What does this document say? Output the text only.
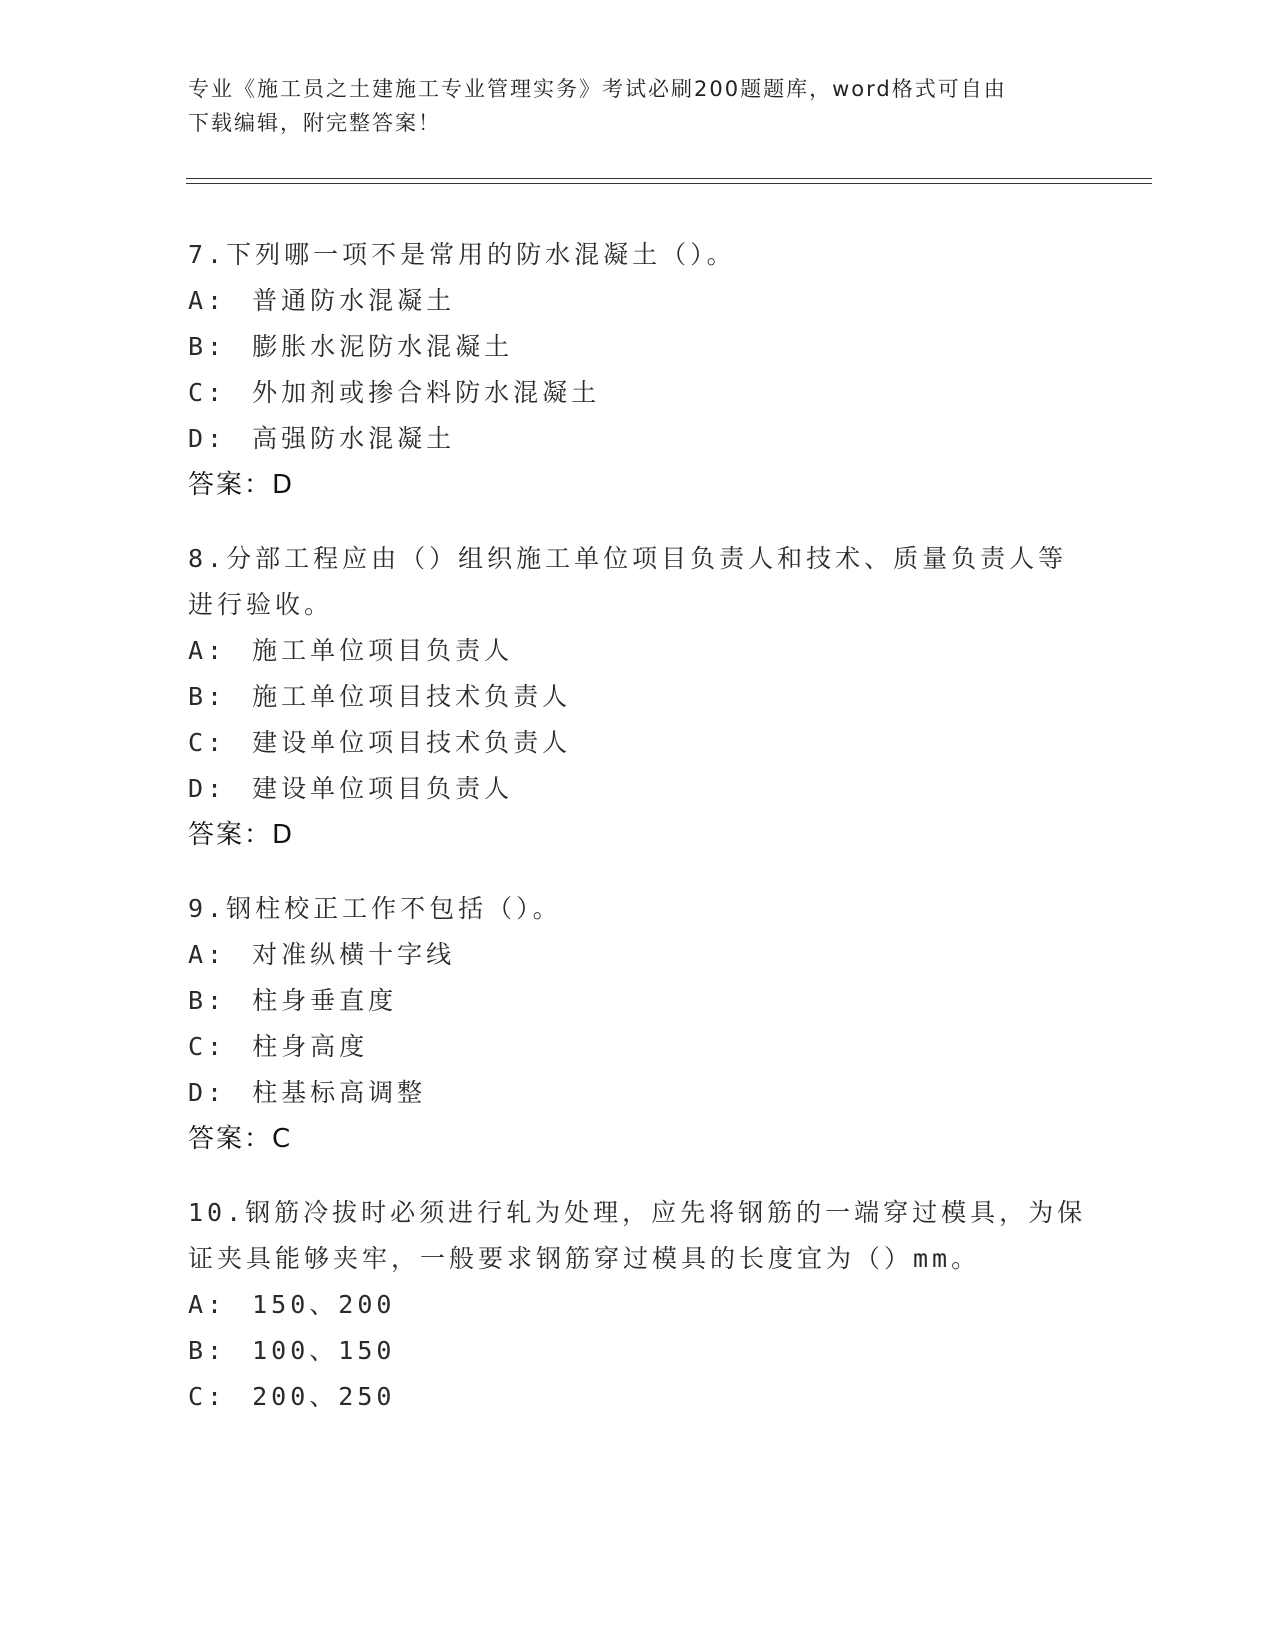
专业《施工员之土建施工专业管理实务》考试必刷200题题库，word格式可自由
下载编辑，附完整答案！
7.下列哪一项不是常用的防水混凝土（）。
A: 普通防水混凝土
B: 膨胀水泥防水混凝土
C: 外加剂或掺合料防水混凝土
D: 高强防水混凝土
答案：D
8.分部工程应由（）组织施工单位项目负责人和技术、质量负责人等进行验收。
A: 施工单位项目负责人
B: 施工单位项目技术负责人
C: 建设单位项目技术负责人
D: 建设单位项目负责人
答案：D
9.钢柱校正工作不包括（）。
A: 对准纵横十字线
B: 柱身垂直度
C: 柱身高度
D: 柱基标高调整
答案：C
10.钢筋冷拔时必须进行轧为处理，应先将钢筋的一端穿过模具，为保证夹具能够夹牢，一般要求钢筋穿过模具的长度宜为（）mm。
A: 150、200
B: 100、150
C: 200、250
